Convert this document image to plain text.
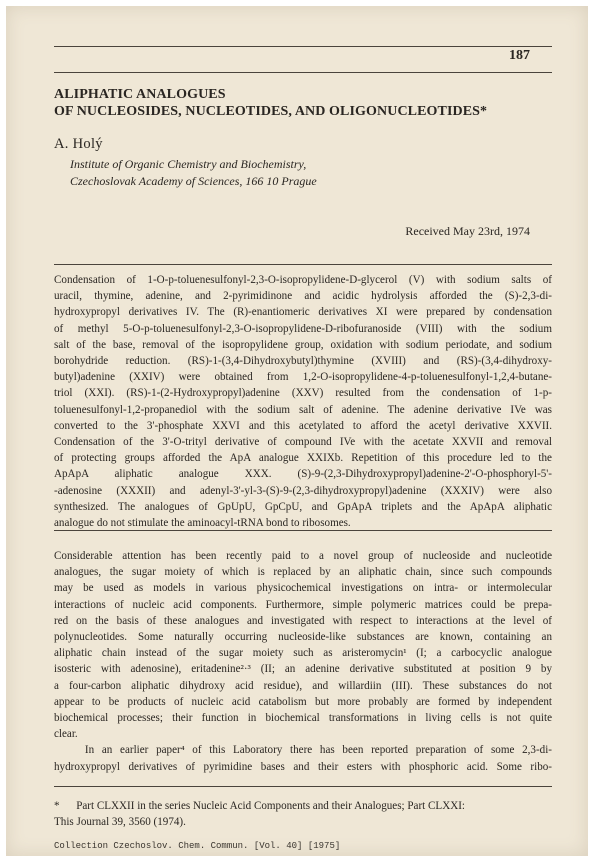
187
ALIPHATIC ANALOGUES
OF NUCLEOSIDES, NUCLEOTIDES, AND OLIGONUCLEOTIDES*
A. Holý
Institute of Organic Chemistry and Biochemistry,
Czechoslovak Academy of Sciences, 166 10 Prague
Received May 23rd, 1974
Condensation of 1-O-p-toluenesulfonyl-2,3-O-isopropylidene-D-glycerol (V) with sodium salts of
uracil, thymine, adenine, and 2-pyrimidinone and acidic hydrolysis afforded the (S)-2,3-di-
hydroxypropyl derivatives IV. The (R)-enantiomeric derivatives XI were prepared by condensation
of methyl 5-O-p-toluenesulfonyl-2,3-O-isopropylidene-D-ribofuranoside (VIII) with the sodium
salt of the base, removal of the isopropylidene group, oxidation with sodium periodate, and sodium
borohydride reduction. (RS)-1-(3,4-Dihydroxybutyl)thymine (XVIII) and (RS)-(3,4-dihydroxy-
butyl)adenine (XXIV) were obtained from 1,2-O-isopropylidene-4-p-toluenesulfonyl-1,2,4-butane-
triol (XXI). (RS)-1-(2-Hydroxypropyl)adenine (XXV) resulted from the condensation of 1-p-
toluenesulfonyl-1,2-propanediol with the sodium salt of adenine. The adenine derivative IVe was
converted to the 3'-phosphate XXVI and this acetylated to afford the acetyl derivative XXVII.
Condensation of the 3'-O-trityl derivative of compound IVe with the acetate XXVII and removal
of protecting groups afforded the ApA analogue XXIXb. Repetition of this procedure led to the
ApApA aliphatic analogue XXX. (S)-9-(2,3-Dihydroxypropyl)adenine-2'-O-phosphoryl-5'-
-adenosine (XXXII) and adenyl-3'-yl-3-(S)-9-(2,3-dihydroxypropyl)adenine (XXXIV) were also
synthesized. The analogues of GpUpU, GpCpU, and GpApA triplets and the ApApA aliphatic
analogue do not stimulate the aminoacyl-tRNA bond to ribosomes.
Considerable attention has been recently paid to a novel group of nucleoside and nucleotide
analogues, the sugar moiety of which is replaced by an aliphatic chain, since such compounds
may be used as models in various physicochemical investigations on intra- or intermolecular
interactions of nucleic acid components. Furthermore, simple polymeric matrices could be prepa-
red on the basis of these analogues and investigated with respect to interactions at the level of
polynucleotides. Some naturally occurring nucleoside-like substances are known, containing an
aliphatic chain instead of the sugar moiety such as aristeromycin¹ (I; a carbocyclic analogue
isosteric with adenosine), eritadenine²·³ (II; an adenine derivative substituted at position 9 by
a four-carbon aliphatic dihydroxy acid residue), and willardiin (III). These substances do not
appear to be products of nucleic acid catabolism but more probably are formed by independent
biochemical processes; their function in biochemical transformations in living cells is not quite
clear.
In an earlier paper⁴ of this Laboratory there has been reported preparation of some 2,3-di-
hydroxypropyl derivatives of pyrimidine bases and their esters with phosphoric acid. Some ribo-
*      Part CLXXII in the series Nucleic Acid Components and their Analogues; Part CLXXI:
This Journal 39, 3560 (1974).
Collection Czechoslov. Chem. Commun. [Vol. 40] [1975]
